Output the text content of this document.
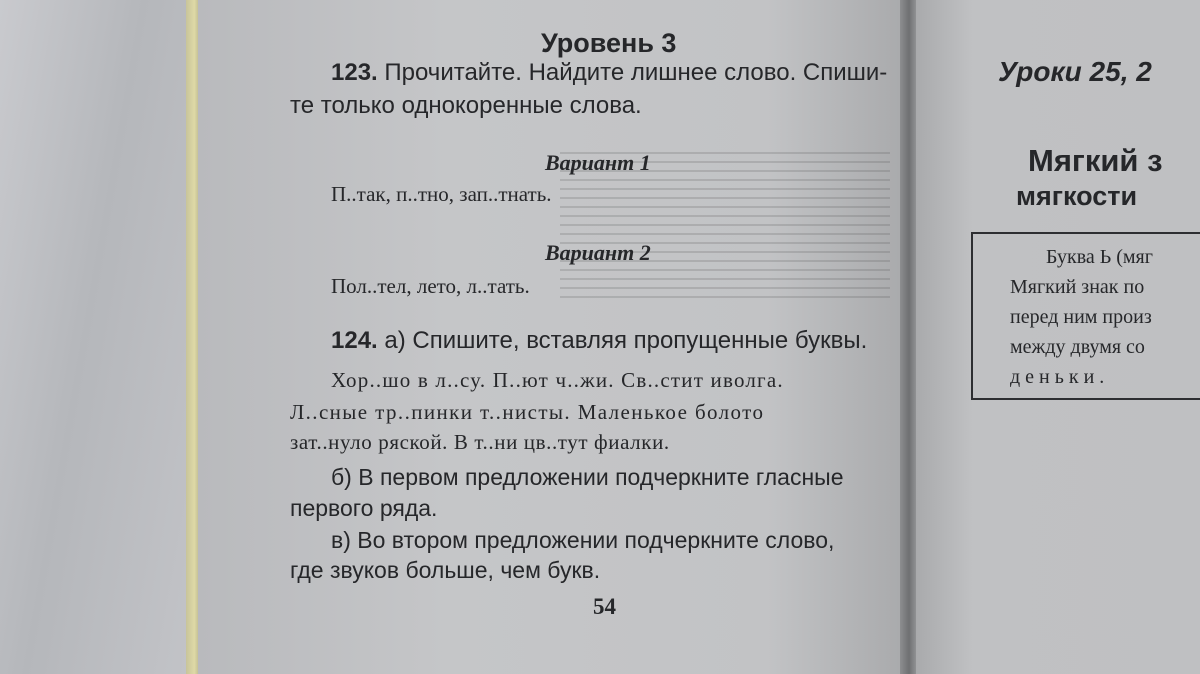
Уровень 3
123. Прочитайте. Найдите лишнее слово. Спиши-
те только однокоренные слова.
Вариант 1
П..так, п..тно, зап..тнать.
Вариант 2
Пол..тел, лето, л..тать.
124. а) Спишите, вставляя пропущенные буквы.
Хор..шо в л..су. П..ют ч..жи. Св..стит иволга.
Л..сные тр..пинки т..нисты. Маленькое болото
зат..нуло ряской. В т..ни цв..тут фиалки.
б) В первом предложении подчеркните гласные
первого ряда.
в) Во втором предложении подчеркните слово,
где звуков больше, чем букв.
54
Уроки 25, 2
Мягкий з
мягкости
Буква Ь (мяг
Мягкий знак по
перед ним произ
между двумя со
деньки.
